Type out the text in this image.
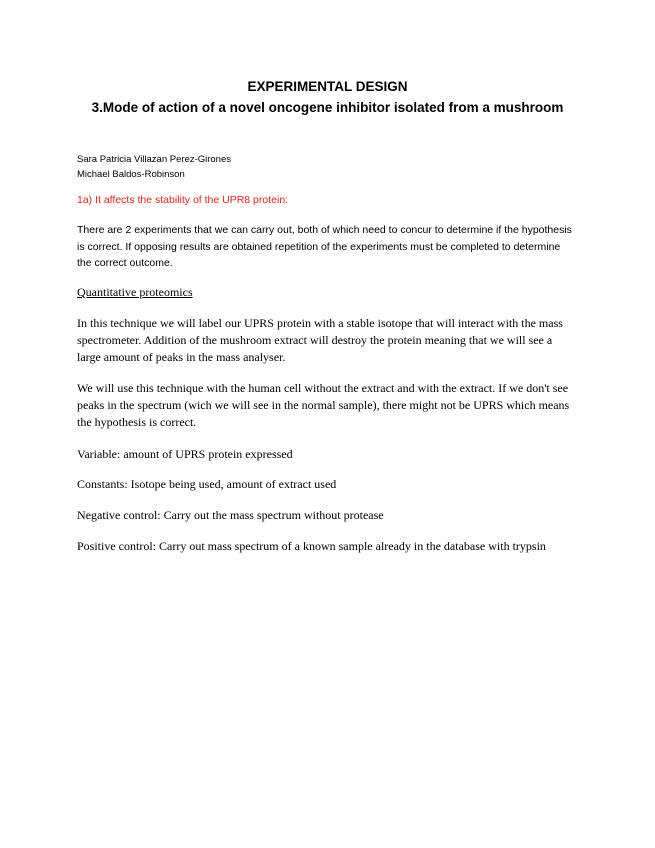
EXPERIMENTAL DESIGN
3.Mode of action of a novel oncogene inhibitor isolated from a mushroom
Sara Patricia Villazan Perez-Girones
Michael Baldos-Robinson

1a) It affects the stability of the UPR8 protein:

There are 2 experiments that we can carry out, both of which need to concur to determine if the hypothesis is correct. If opposing results are obtained repetition of the experiments must be completed to determine the correct outcome.

Quantitative proteomics

In this technique we will label our UPRS protein with a stable isotope that will interact with the mass spectrometer. Addition of the mushroom extract will destroy the protein meaning that we will see a large amount of peaks in the mass analyser.

We will use this technique with the human cell without the extract and with the extract. If we don't see peaks in the spectrum (wich we will see in the normal sample), there might not be UPRS which means the hypothesis is correct.

Variable: amount of UPRS protein expressed

Constants: Isotope being used, amount of extract used

Negative control: Carry out the mass spectrum without protease

Positive control: Carry out mass spectrum of a known sample already in the database with trypsin
